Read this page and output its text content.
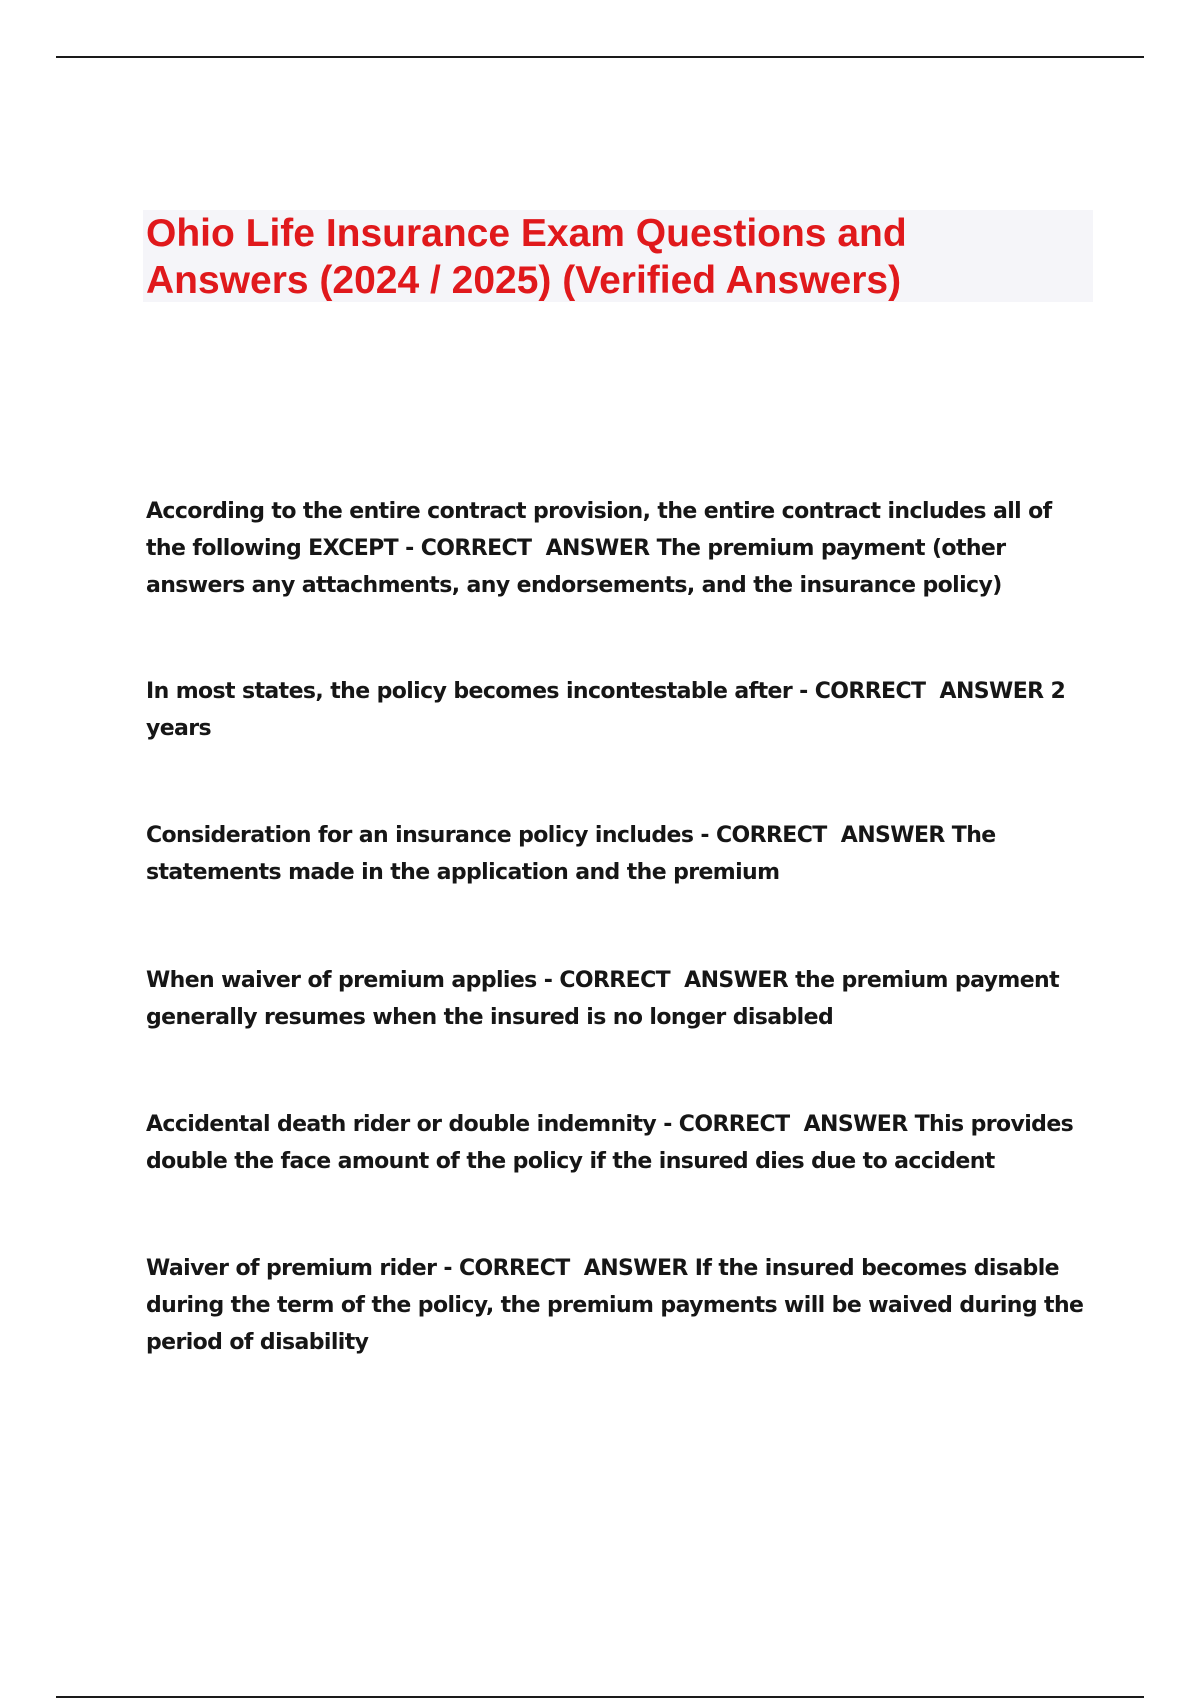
Ohio Life Insurance Exam Questions and
Answers (2024 / 2025) (Verified Answers)

According to the entire contract provision, the entire contract includes all of the following EXCEPT - CORRECT  ANSWER The premium payment (other answers any attachments, any endorsements, and the insurance policy)

In most states, the policy becomes incontestable after - CORRECT  ANSWER 2 years

Consideration for an insurance policy includes - CORRECT  ANSWER The statements made in the application and the premium

When waiver of premium applies - CORRECT  ANSWER the premium payment generally resumes when the insured is no longer disabled

Accidental death rider or double indemnity - CORRECT  ANSWER This provides double the face amount of the policy if the insured dies due to accident

Waiver of premium rider - CORRECT  ANSWER If the insured becomes disable during the term of the policy, the premium payments will be waived during the period of disability
